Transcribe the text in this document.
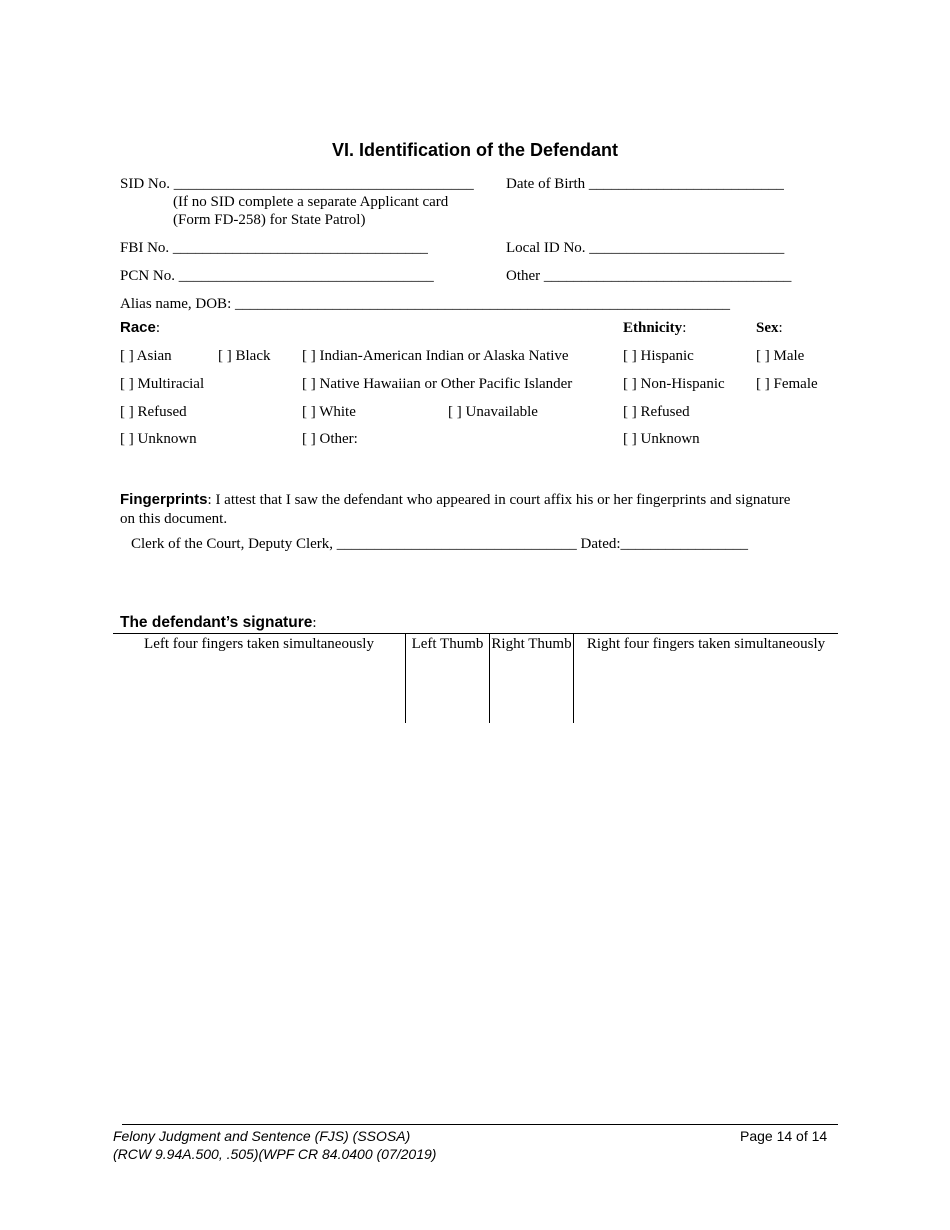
VI. Identification of the Defendant
SID No. ________________________________________
(If no SID complete a separate Applicant card
(Form FD-258) for State Patrol)
Date of Birth __________________________
FBI No. __________________________________	Local ID No. __________________________
PCN No. __________________________________	Other _________________________________
Alias name, DOB: __________________________________________________________________
Race:	Ethnicity:	Sex:
[ ] Asian	[ ] Black [ ] Indian-American Indian or Alaska Native	[ ] Hispanic	[ ] Male
[ ] Multiracial	[ ] Native Hawaiian or Other Pacific Islander	[ ] Non-Hispanic [ ] Female
[ ] Refused	[ ] White	[ ] Unavailable	[ ] Refused
[ ] Unknown	[ ] Other:	[ ] Unknown
Fingerprints: I attest that I saw the defendant who appeared in court affix his or her fingerprints and signature
on this document.
Clerk of the Court, Deputy Clerk, ________________________________ Dated:_________________
The defendant’s signature:
Left four fingers taken simultaneously	Left Thumb Right Thumb	Right four fingers taken simultaneously
Felony Judgment and Sentence (FJS) (SSOSA)
(RCW 9.94A.500, .505)(WPF CR 84.0400 (07/2019)
Page 14 of 14
